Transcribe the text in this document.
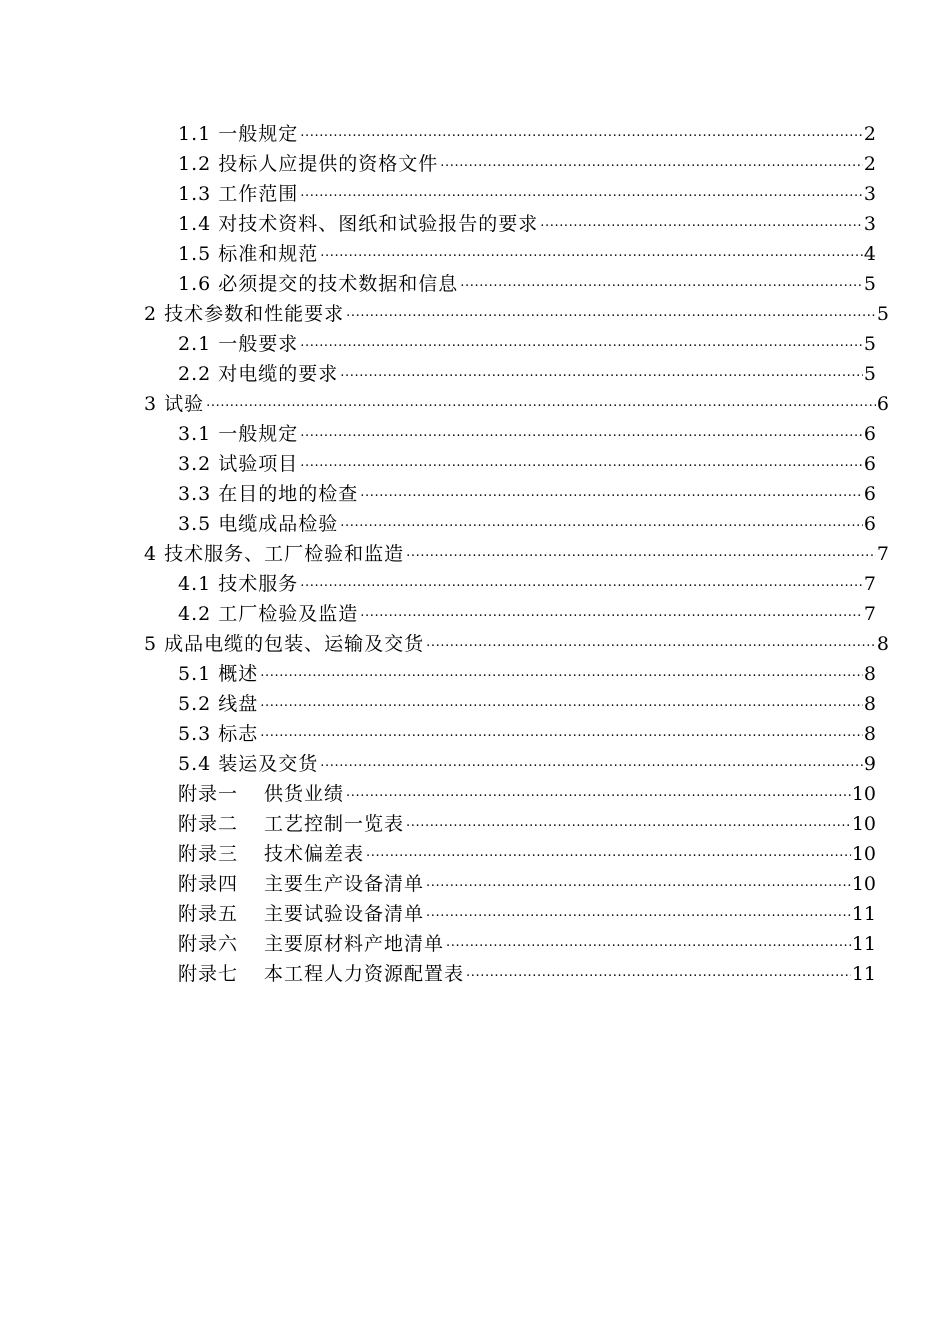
1.1 一般规定 .....	2
1.2 投标人应提供的资格文件 .....	2
1.3 工作范围 .....	3
1.4 对技术资料、图纸和试验报告的要求 .....	3
1.5 标准和规范 .....	4
1.6 必须提交的技术数据和信息 .....	5
2 技术参数和性能要求 .....	5
2.1 一般要求 .....	5
2.2 对电缆的要求 .....	5
3 试验 .....	6
3.1 一般规定 .....	6
3.2 试验项目 .....	6
3.3 在目的地的检查 .....	6
3.5 电缆成品检验 .....	6
4 技术服务、工厂检验和监造 .....	7
4.1 技术服务 .....	7
4.2 工厂检验及监造 .....	7
5 成品电缆的包装、运输及交货 .....	8
5.1 概述 .....	8
5.2 线盘 .....	8
5.3 标志 .....	8
5.4 装运及交货 .....	9
附录一 供货业绩 .....	10
附录二 工艺控制一览表 .....	10
附录三 技术偏差表 .....	10
附录四 主要生产设备清单 .....	10
附录五 主要试验设备清单 .....	11
附录六 主要原材料产地清单 .....	11
附录七 本工程人力资源配置表 .....	11
